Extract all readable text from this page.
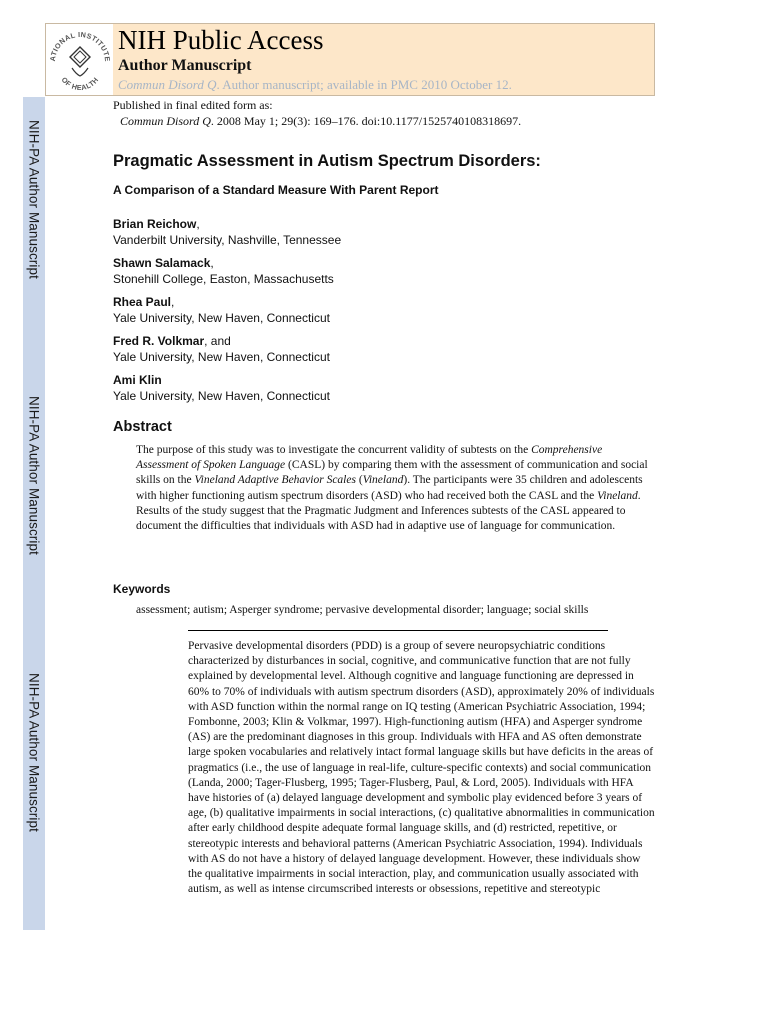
NIH-PA Author Manuscript
NIH-PA Author Manuscript
NIH-PA Author Manuscript
ATIONAL INSTITUTE
OF HEALTH
NIH Public Access
Author Manuscript
Commun Disord Q. Author manuscript; available in PMC 2010 October 12.
Published in final edited form as:
Commun Disord Q. 2008 May 1; 29(3): 169–176. doi:10.1177/1525740108318697.
Pragmatic Assessment in Autism Spectrum Disorders:
A Comparison of a Standard Measure With Parent Report
Brian Reichow,
Vanderbilt University, Nashville, Tennessee
Shawn Salamack,
Stonehill College, Easton, Massachusetts
Rhea Paul,
Yale University, New Haven, Connecticut
Fred R. Volkmar, and
Yale University, New Haven, Connecticut
Ami Klin
Yale University, New Haven, Connecticut
Abstract

The purpose of this study was to investigate the concurrent validity of subtests on the Comprehensive Assessment of Spoken Language (CASL) by comparing them with the assessment of communication and social skills on the Vineland Adaptive Behavior Scales (Vineland). The participants were 35 children and adolescents with higher functioning autism spectrum disorders (ASD) who had received both the CASL and the Vineland. Results of the study suggest that the Pragmatic Judgment and Inferences subtests of the CASL appeared to document the difficulties that individuals with ASD had in adaptive use of language for communication.

Keywords
assessment; autism; Asperger syndrome; pervasive developmental disorder; language; social skills

Pervasive developmental disorders (PDD) is a group of severe neuropsychiatric conditions characterized by disturbances in social, cognitive, and communicative function that are not fully explained by developmental level. Although cognitive and language functioning are depressed in 60% to 70% of individuals with autism spectrum disorders (ASD), approximately 20% of individuals with ASD function within the normal range on IQ testing (American Psychiatric Association, 1994; Fombonne, 2003; Klin & Volkmar, 1997). High-functioning autism (HFA) and Asperger syndrome (AS) are the predominant diagnoses in this group. Individuals with HFA and AS often demonstrate large spoken vocabularies and relatively intact formal language skills but have deficits in the areas of pragmatics (i.e., the use of language in real-life, culture-specific contexts) and social communication (Landa, 2000; Tager-Flusberg, 1995; Tager-Flusberg, Paul, & Lord, 2005). Individuals with HFA have histories of (a) delayed language development and symbolic play evidenced before 3 years of age, (b) qualitative impairments in social interactions, (c) qualitative abnormalities in communication after early childhood despite adequate formal language skills, and (d) restricted, repetitive, or stereotypic interests and behavioral patterns (American Psychiatric Association, 1994). Individuals with AS do not have a history of delayed language development. However, these individuals show the qualitative impairments in social interaction, play, and communication usually associated with autism, as well as intense circumscribed interests or obsessions, repetitive and stereotypic
